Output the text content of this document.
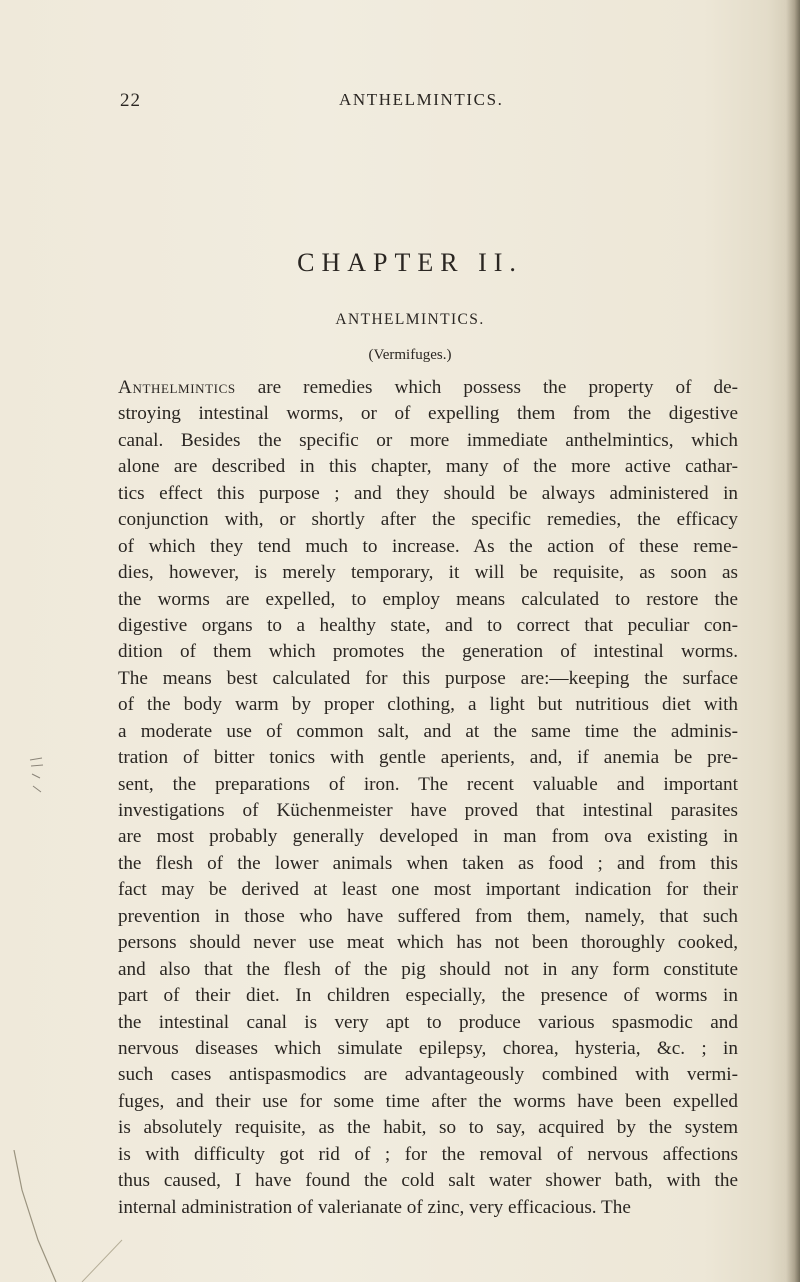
22	ANTHELMINTICS.
CHAPTER II.
ANTHELMINTICS.
(Vermifuges.)
Anthelmintics are remedies which possess the property of de-
stroying intestinal worms, or of expelling them from the digestive
canal. Besides the specific or more immediate anthelmintics, which
alone are described in this chapter, many of the more active cathar-
tics effect this purpose ; and they should be always administered in
conjunction with, or shortly after the specific remedies, the efficacy
of which they tend much to increase. As the action of these reme-
dies, however, is merely temporary, it will be requisite, as soon as
the worms are expelled, to employ means calculated to restore the
digestive organs to a healthy state, and to correct that peculiar con-
dition of them which promotes the generation of intestinal worms.
The means best calculated for this purpose are:—keeping the surface
of the body warm by proper clothing, a light but nutritious diet with
a moderate use of common salt, and at the same time the adminis-
tration of bitter tonics with gentle aperients, and, if anemia be pre-
sent, the preparations of iron. The recent valuable and important
investigations of Küchenmeister have proved that intestinal parasites
are most probably generally developed in man from ova existing in
the flesh of the lower animals when taken as food ; and from this
fact may be derived at least one most important indication for their
prevention in those who have suffered from them, namely, that such
persons should never use meat which has not been thoroughly cooked,
and also that the flesh of the pig should not in any form constitute
part of their diet. In children especially, the presence of worms in
the intestinal canal is very apt to produce various spasmodic and
nervous diseases which simulate epilepsy, chorea, hysteria, &c. ; in
such cases antispasmodics are advantageously combined with vermi-
fuges, and their use for some time after the worms have been expelled
is absolutely requisite, as the habit, so to say, acquired by the system
is with difficulty got rid of ; for the removal of nervous affections
thus caused, I have found the cold salt water shower bath, with the
internal administration of valerianate of zinc, very efficacious. The
